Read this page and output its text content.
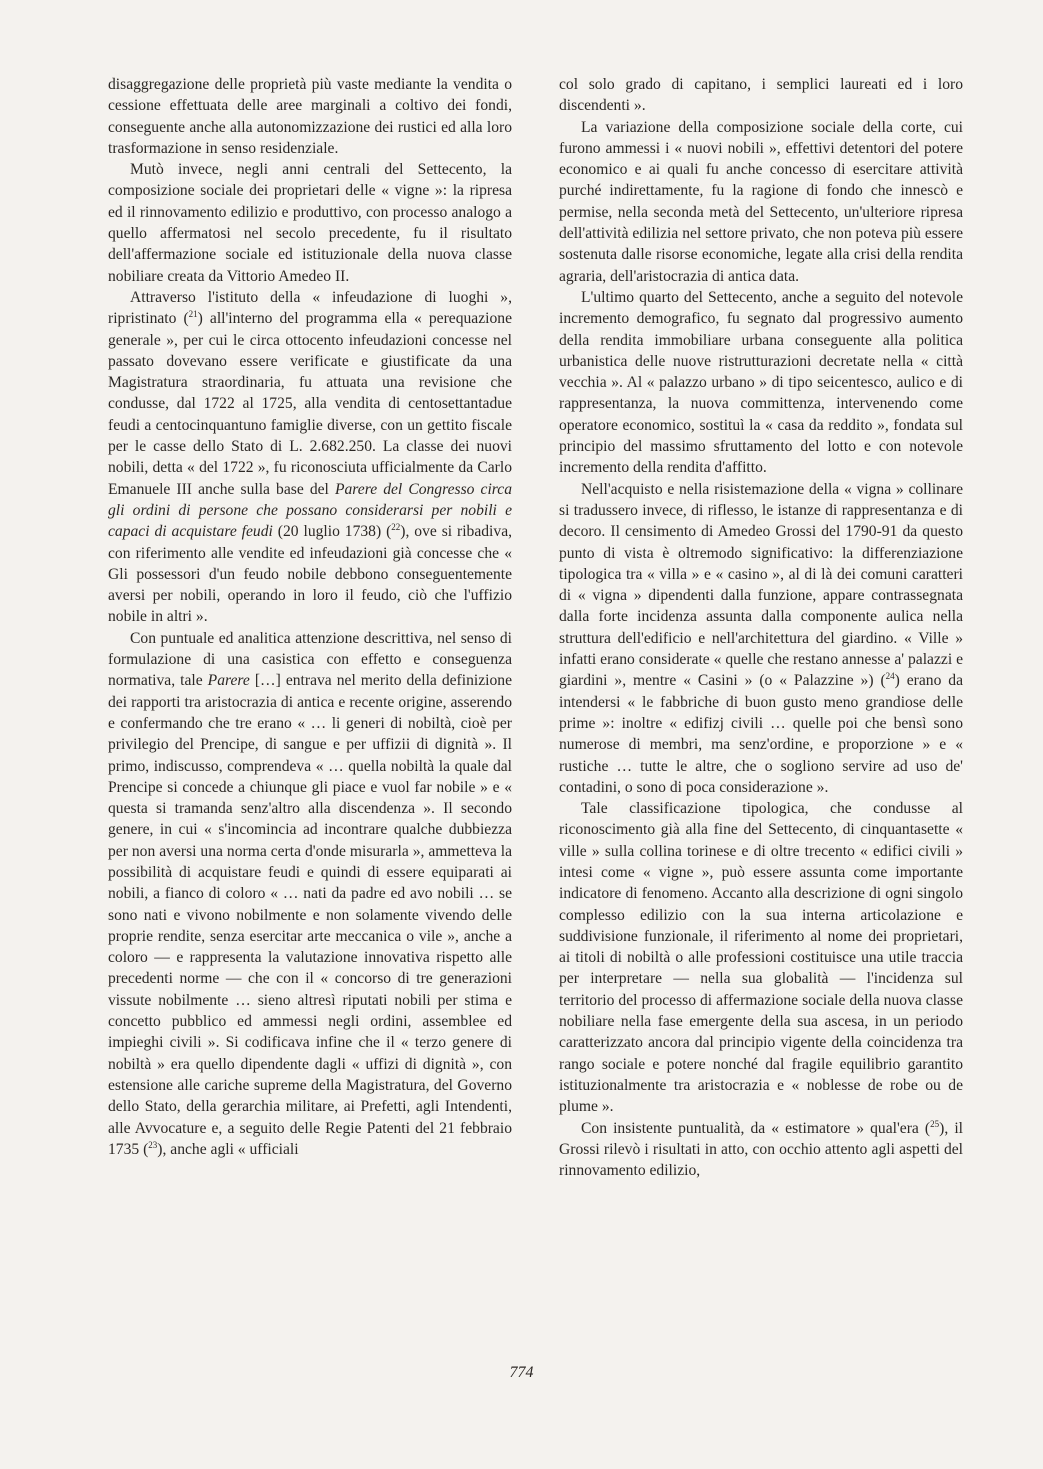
disaggregazione delle proprietà più vaste mediante la vendita o cessione effettuata delle aree marginali a coltivo dei fondi, conseguente anche alla autonomizzazione dei rustici ed alla loro trasformazione in senso residenziale.

Mutò invece, negli anni centrali del Settecento, la composizione sociale dei proprietari delle « vigne »: la ripresa ed il rinnovamento edilizio e produttivo, con processo analogo a quello affermatosi nel secolo precedente, fu il risultato dell'affermazione sociale ed istituzionale della nuova classe nobiliare creata da Vittorio Amedeo II.

Attraverso l'istituto della « infeudazione di luoghi », ripristinato ($^{21}$) all'interno del programma ella « perequazione generale », per cui le circa ottocento infeudazioni concesse nel passato dovevano essere verificate e giustificate da una Magistratura straordinaria, fu attuata una revisione che condusse, dal 1722 al 1725, alla vendita di centosettantadue feudi a centocinquantuno famiglie diverse, con un gettito fiscale per le casse dello Stato di L. 2.682.250. La classe dei nuovi nobili, detta « del 1722 », fu riconosciuta ufficialmente da Carlo Emanuele III anche sulla base del Parere del Congresso circa gli ordini di persone che possano considerarsi per nobili e capaci di acquistare feudi (20 luglio 1738) ($^{22}$), ove si ribadiva, con riferimento alle vendite ed infeudazioni già concesse che « Gli possessori d'un feudo nobile debbono conseguentemente aversi per nobili, operando in loro il feudo, ciò che l'uffizio nobile in altri ».

Con puntuale ed analitica attenzione descrittiva, nel senso di formulazione di una casistica con effetto e conseguenza normativa, tale Parere […] entrava nel merito della definizione dei rapporti tra aristocrazia di antica e recente origine, asserendo e confermando che tre erano « … li generi di nobiltà, cioè per privilegio del Prencipe, di sangue e per uffizii di dignità ». Il primo, indiscusso, comprendeva « … quella nobiltà la quale dal Prencipe si concede a chiunque gli piace e vuol far nobile » e « questa si tramanda senz'altro alla discendenza ». Il secondo genere, in cui « s'incomincia ad incontrare qualche dubbiezza per non aversi una norma certa d'onde misurarla », ammetteva la possibilità di acquistare feudi e quindi di essere equiparati ai nobili, a fianco di coloro « … nati da padre ed avo nobili … se sono nati e vivono nobilmente e non solamente vivendo delle proprie rendite, senza esercitar arte meccanica o vile », anche a coloro — e rappresenta la valutazione innovativa rispetto alle precedenti norme — che con il « concorso di tre generazioni vissute nobilmente … sieno altresì riputati nobili per stima e concetto pubblico ed ammessi negli ordini, assemblee ed impieghi civili ». Si codificava infine che il « terzo genere di nobiltà » era quello dipendente dagli « uffizi di dignità », con estensione alle cariche supreme della Magistratura, del Governo dello Stato, della gerarchia militare, ai Prefetti, agli Intendenti, alle Avvocature e, a seguito delle Regie Patenti del 21 febbraio 1735 ($^{23}$), anche agli « ufficiali

col solo grado di capitano, i semplici laureati ed i loro discendenti ».

La variazione della composizione sociale della corte, cui furono ammessi i « nuovi nobili », effettivi detentori del potere economico e ai quali fu anche concesso di esercitare attività purché indirettamente, fu la ragione di fondo che innescò e permise, nella seconda metà del Settecento, un'ulteriore ripresa dell'attività edilizia nel settore privato, che non poteva più essere sostenuta dalle risorse economiche, legate alla crisi della rendita agraria, dell'aristocrazia di antica data.

L'ultimo quarto del Settecento, anche a seguito del notevole incremento demografico, fu segnato dal progressivo aumento della rendita immobiliare urbana conseguente alla politica urbanistica delle nuove ristrutturazioni decretate nella « città vecchia ». Al « palazzo urbano » di tipo seicentesco, aulico e di rappresentanza, la nuova committenza, intervenendo come operatore economico, sostituì la « casa da reddito », fondata sul principio del massimo sfruttamento del lotto e con notevole incremento della rendita d'affitto.

Nell'acquisto e nella risistemazione della « vigna » collinare si tradussero invece, di riflesso, le istanze di rappresentanza e di decoro. Il censimento di Amedeo Grossi del 1790-91 da questo punto di vista è oltremodo significativo: la differenziazione tipologica tra « villa » e « casino », al di là dei comuni caratteri di « vigna » dipendenti dalla funzione, appare contrassegnata dalla forte incidenza assunta dalla componente aulica nella struttura dell'edificio e nell'architettura del giardino. « Ville » infatti erano considerate « quelle che restano annesse a' palazzi e giardini », mentre « Casini » (o « Palazzine ») ($^{24}$) erano da intendersi « le fabbriche di buon gusto meno grandiose delle prime »: inoltre « edifizj civili … quelle poi che bensì sono numerose di membri, ma senz'ordine, e proporzione » e « rustiche … tutte le altre, che o sogliono servire ad uso de' contadini, o sono di poca considerazione ».

Tale classificazione tipologica, che condusse al riconoscimento già alla fine del Settecento, di cinquantasette « ville » sulla collina torinese e di oltre trecento « edifici civili » intesi come « vigne », può essere assunta come importante indicatore di fenomeno. Accanto alla descrizione di ogni singolo complesso edilizio con la sua interna articolazione e suddivisione funzionale, il riferimento al nome dei proprietari, ai titoli di nobiltà o alle professioni costituisce una utile traccia per interpretare — nella sua globalità — l'incidenza sul territorio del processo di affermazione sociale della nuova classe nobiliare nella fase emergente della sua ascesa, in un periodo caratterizzato ancora dal principio vigente della coincidenza tra rango sociale e potere nonché dal fragile equilibrio garantito istituzionalmente tra aristocrazia e « noblesse de robe ou de plume ».

Con insistente puntualità, da « estimatore » qual'era ($^{25}$), il Grossi rilevò i risultati in atto, con occhio attento agli aspetti del rinnovamento edilizio,

774
